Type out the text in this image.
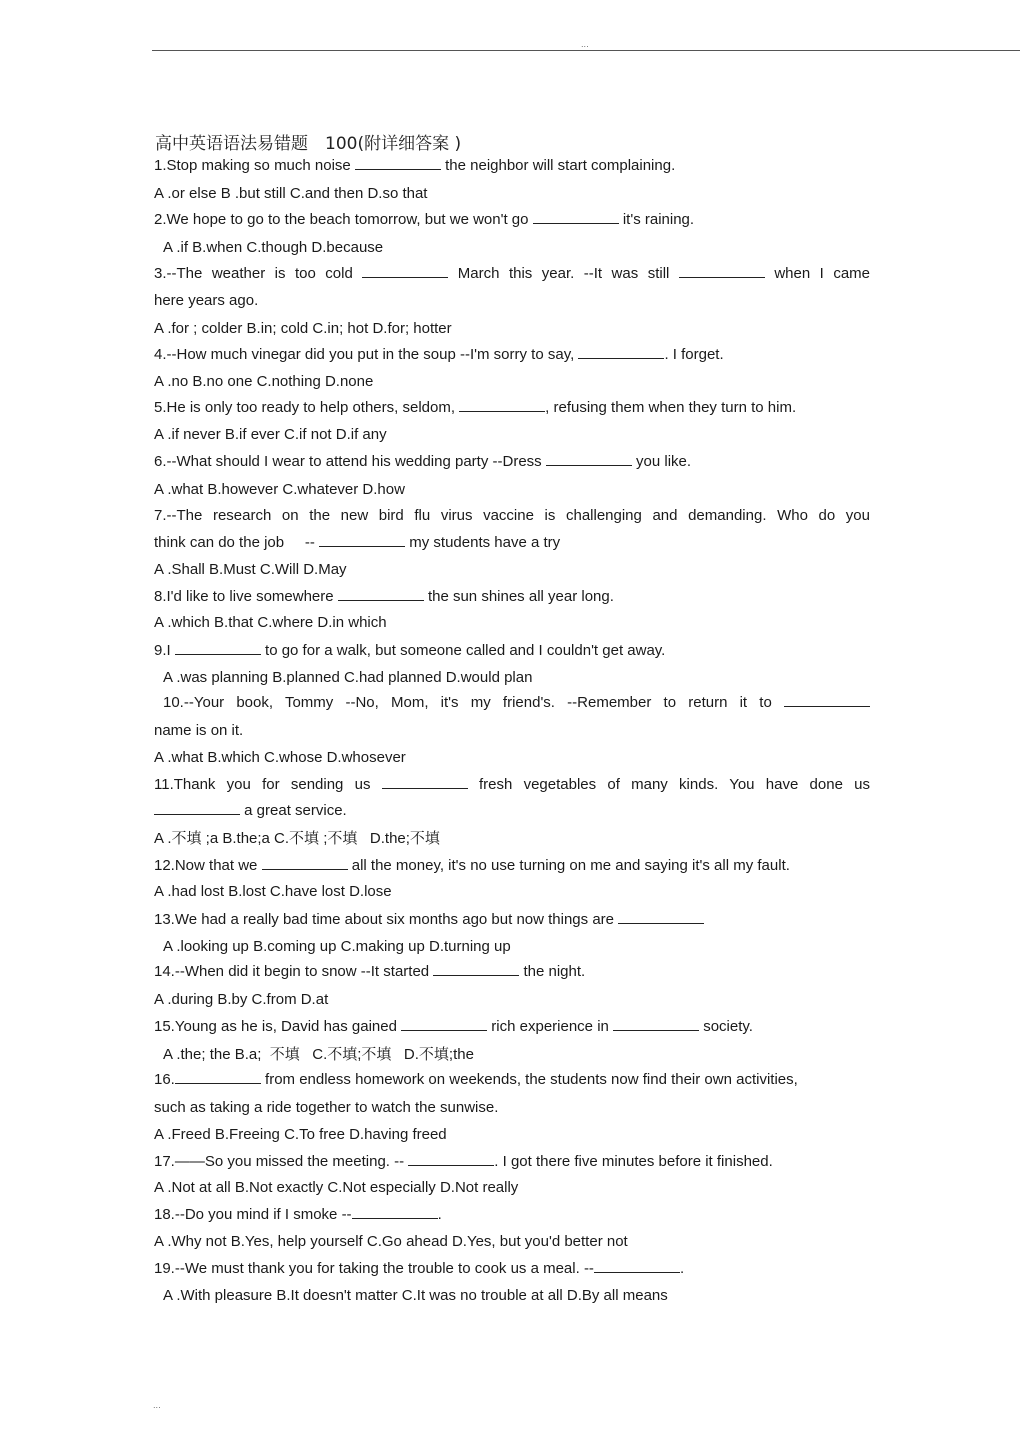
...
高中英语语法易错题　100(附详细答案 )
1.Stop making so much noise	the neighbor will start complaining.
A .or else B .but still C.and then D.so that
2.We hope to go to the beach tomorrow, but we won't go	it's raining.
A .if B.when C.though D.because
3.--The weather is too cold	March this year. --It was still	when I came
here years ago.
A .for ; colder B.in; cold C.in; hot D.for; hotter
4.--How much vinegar did you put in the soup --I'm sorry to say,	. I forget.
A .no B.no one C.nothing D.none
5.He is only too ready to help others, seldom,	, refusing them when they turn to him.
A .if never B.if ever C.if not D.if any
6.--What should I wear to attend his wedding party --Dress	you like.
A .what B.however C.whatever D.how
7.--The research on the new bird flu virus vaccine is challenging and demanding. Who do you
think can do the job     --	my students have a try
A .Shall B.Must C.Will D.May
8.I'd like to live somewhere	the sun shines all year long.
A .which B.that C.where D.in which
9.I	to go for a walk, but someone called and I couldn't get away.
A .was planning B.planned C.had planned D.would plan
10.--Your book, Tommy --No, Mom, it's my friend's. --Remember to return it to
name is on it.
A .what B.which C.whose D.whosever
11.Thank you for sending us	fresh vegetables of many kinds. You have done us
a great service.
A .不填 ;a B.the;a C.不填 ;不填   D.the;不填
12.Now that we	all the money, it's no use turning on me and saying it's all my fault.
A .had lost B.lost C.have lost D.lose
13.We had a really bad time about six months ago but now things are
A .looking up B.coming up C.making up D.turning up
14.--When did it begin to snow --It started	the night.
A .during B.by C.from D.at
15.Young as he is, David has gained	rich experience in	society.
A .the; the B.a;  不填   C.不填;不填   D.不填;the
16.	from endless homework on weekends, the students now find their own activities,
such as taking a ride together to watch the sunwise.
A .Freed B.Freeing C.To free D.having freed
17.——So you missed the meeting. --	. I got there five minutes before it finished.
A .Not at all B.Not exactly C.Not especially D.Not really
18.--Do you mind if I smoke --	.
A .Why not B.Yes, help yourself C.Go ahead D.Yes, but you'd better not
19.--We must thank you for taking the trouble to cook us a meal. --	.
A .With pleasure B.It doesn't matter C.It was no trouble at all D.By all means
...
